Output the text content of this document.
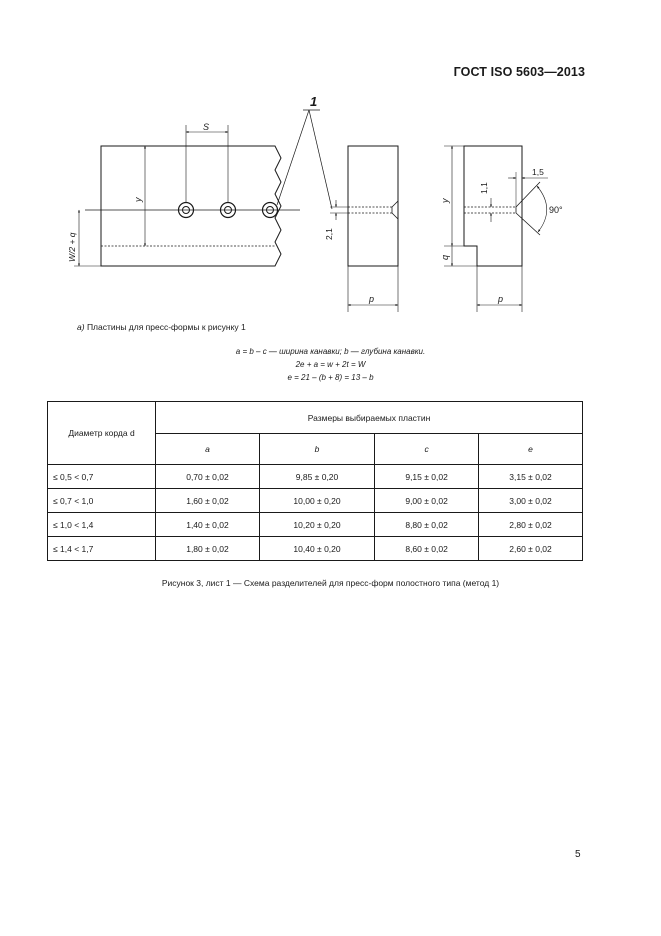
ГОСТ ISO 5603—2013
1
S
y
W/2 + q	2,1
p	p
1,1
1,5
90°
y
q
а) Пластины для пресс-формы к рисунку 1
a = b – c — ширина канавки; b — глубина канавки.
2e + a = w + 2t = W
e = 21 – (b + 8) = 13 – b
Диаметр корда d	Размеры выбираемых пластин			
	a	b	c	e
≤ 0,5 < 0,7	0,70 ± 0,02	9,85 ± 0,20	9,15 ± 0,02	3,15 ± 0,02
≤ 0,7 < 1,0	1,60 ± 0,02	10,00 ± 0,20	9,00 ± 0,02	3,00 ± 0,02
≤ 1,0 < 1,4	1,40 ± 0,02	10,20 ± 0,20	8,80 ± 0,02	2,80 ± 0,02
≤ 1,4 < 1,7	1,80 ± 0,02	10,40 ± 0,20	8,60 ± 0,02	2,60 ± 0,02
Рисунок 3, лист 1 — Схема разделителей для пресс-форм полостного типа (метод 1)
5
